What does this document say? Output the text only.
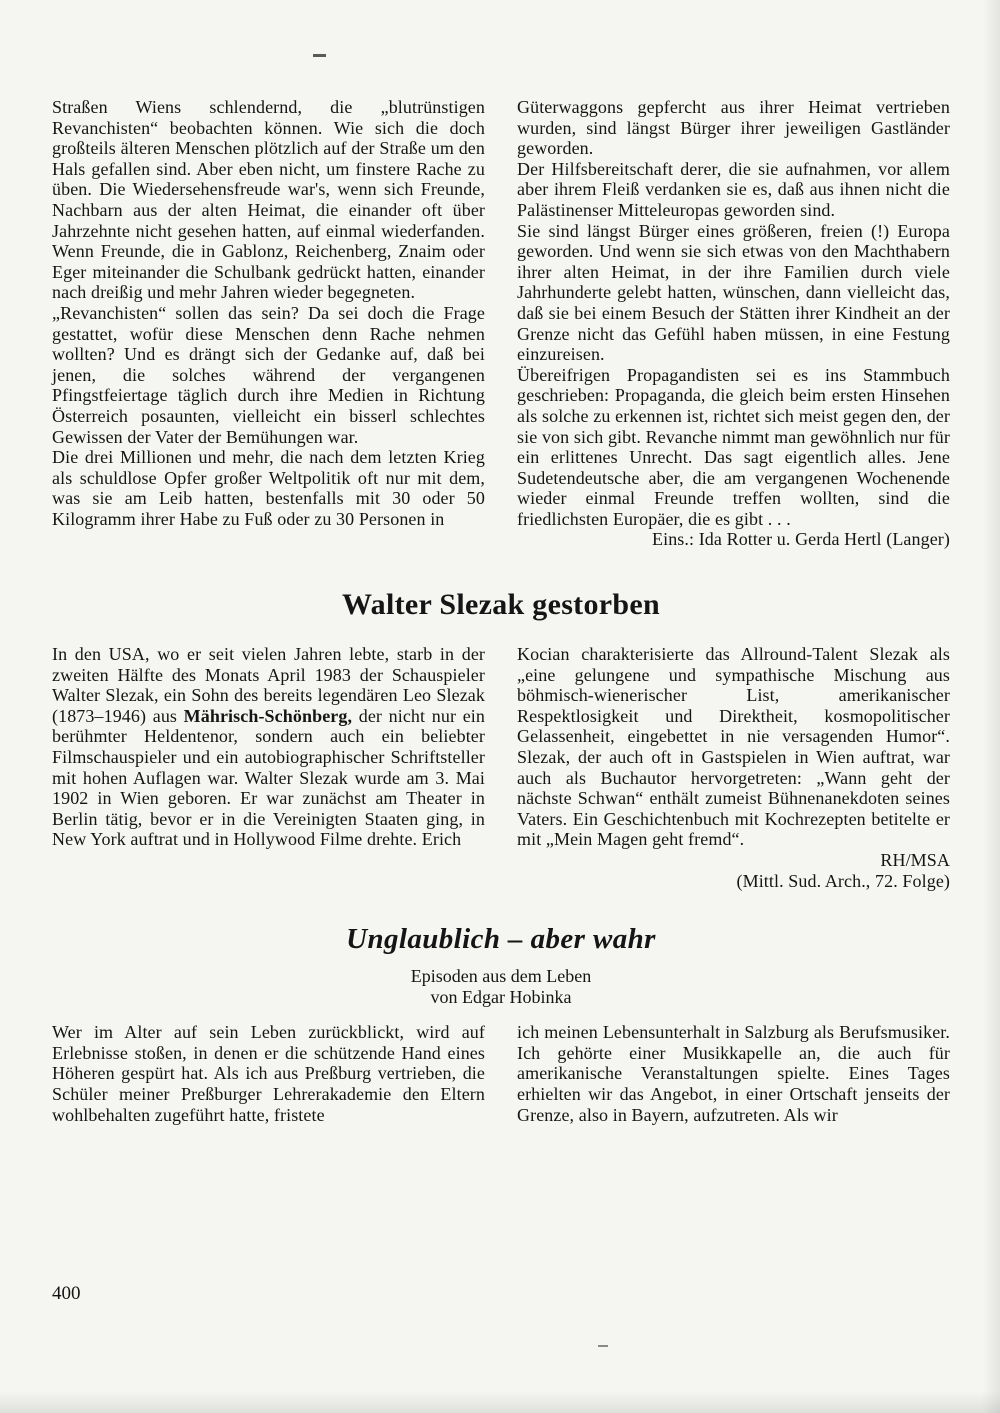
Straßen Wiens schlendernd, die „blutrünstigen Revanchisten“ beobachten können. Wie sich die doch großteils älteren Menschen plötzlich auf der Straße um den Hals gefallen sind. Aber eben nicht, um finstere Rache zu üben. Die Wiedersehensfreude war's, wenn sich Freunde, Nachbarn aus der alten Heimat, die einander oft über Jahrzehnte nicht gesehen hatten, auf einmal wiederfanden. Wenn Freunde, die in Gablonz, Reichenberg, Znaim oder Eger miteinander die Schulbank gedrückt hatten, einander nach dreißig und mehr Jahren wieder begegneten.

„Revanchisten“ sollen das sein? Da sei doch die Frage gestattet, wofür diese Menschen denn Rache nehmen wollten? Und es drängt sich der Gedanke auf, daß bei jenen, die solches während der vergangenen Pfingstfeiertage täglich durch ihre Medien in Richtung Österreich posaunten, vielleicht ein bisserl schlechtes Gewissen der Vater der Bemühungen war.

Die drei Millionen und mehr, die nach dem letzten Krieg als schuldlose Opfer großer Weltpolitik oft nur mit dem, was sie am Leib hatten, bestenfalls mit 30 oder 50 Kilogramm ihrer Habe zu Fuß oder zu 30 Personen in

Güterwaggons gepfercht aus ihrer Heimat vertrieben wurden, sind längst Bürger ihrer jeweiligen Gastländer geworden.

Der Hilfsbereitschaft derer, die sie aufnahmen, vor allem aber ihrem Fleiß verdanken sie es, daß aus ihnen nicht die Palästinenser Mitteleuropas geworden sind.

Sie sind längst Bürger eines größeren, freien (!) Europa geworden. Und wenn sie sich etwas von den Machthabern ihrer alten Heimat, in der ihre Familien durch viele Jahrhunderte gelebt hatten, wünschen, dann vielleicht das, daß sie bei einem Besuch der Stätten ihrer Kindheit an der Grenze nicht das Gefühl haben müssen, in eine Festung einzureisen.

Übereifrigen Propagandisten sei es ins Stammbuch geschrieben: Propaganda, die gleich beim ersten Hinsehen als solche zu erkennen ist, richtet sich meist gegen den, der sie von sich gibt. Revanche nimmt man gewöhnlich nur für ein erlittenes Unrecht. Das sagt eigentlich alles. Jene Sudetendeutsche aber, die am vergangenen Wochenende wieder einmal Freunde treffen wollten, sind die friedlichsten Europäer, die es gibt . . .

Eins.: Ida Rotter u. Gerda Hertl (Langer)

Walter Slezak gestorben

In den USA, wo er seit vielen Jahren lebte, starb in der zweiten Hälfte des Monats April 1983 der Schauspieler Walter Slezak, ein Sohn des bereits legendären Leo Slezak (1873–1946) aus Mährisch-Schönberg, der nicht nur ein berühmter Heldentenor, sondern auch ein beliebter Filmschauspieler und ein autobiographischer Schriftsteller mit hohen Auflagen war. Walter Slezak wurde am 3. Mai 1902 in Wien geboren. Er war zunächst am Theater in Berlin tätig, bevor er in die Vereinigten Staaten ging, in New York auftrat und in Hollywood Filme drehte. Erich

Kocian charakterisierte das Allround-Talent Slezak als „eine gelungene und sympathische Mischung aus böhmisch-wienerischer List, amerikanischer Respektlosigkeit und Direktheit, kosmopolitischer Gelassenheit, eingebettet in nie versagenden Humor“. Slezak, der auch oft in Gastspielen in Wien auftrat, war auch als Buchautor hervorgetreten: „Wann geht der nächste Schwan“ enthält zumeist Bühnenanekdoten seines Vaters. Ein Geschichtenbuch mit Kochrezepten betitelte er mit „Mein Magen geht fremd“.

RH/MSA

(Mittl. Sud. Arch., 72. Folge)

Unglaublich – aber wahr
Episoden aus dem Leben
von Edgar Hobinka

Wer im Alter auf sein Leben zurückblickt, wird auf Erlebnisse stoßen, in denen er die schützende Hand eines Höheren gespürt hat. Als ich aus Preßburg vertrieben, die Schüler meiner Preßburger Lehrerakademie den Eltern wohlbehalten zugeführt hatte, fristete

ich meinen Lebensunterhalt in Salzburg als Berufsmusiker. Ich gehörte einer Musikkapelle an, die auch für amerikanische Veranstaltungen spielte. Eines Tages erhielten wir das Angebot, in einer Ortschaft jenseits der Grenze, also in Bayern, aufzutreten. Als wir

400
